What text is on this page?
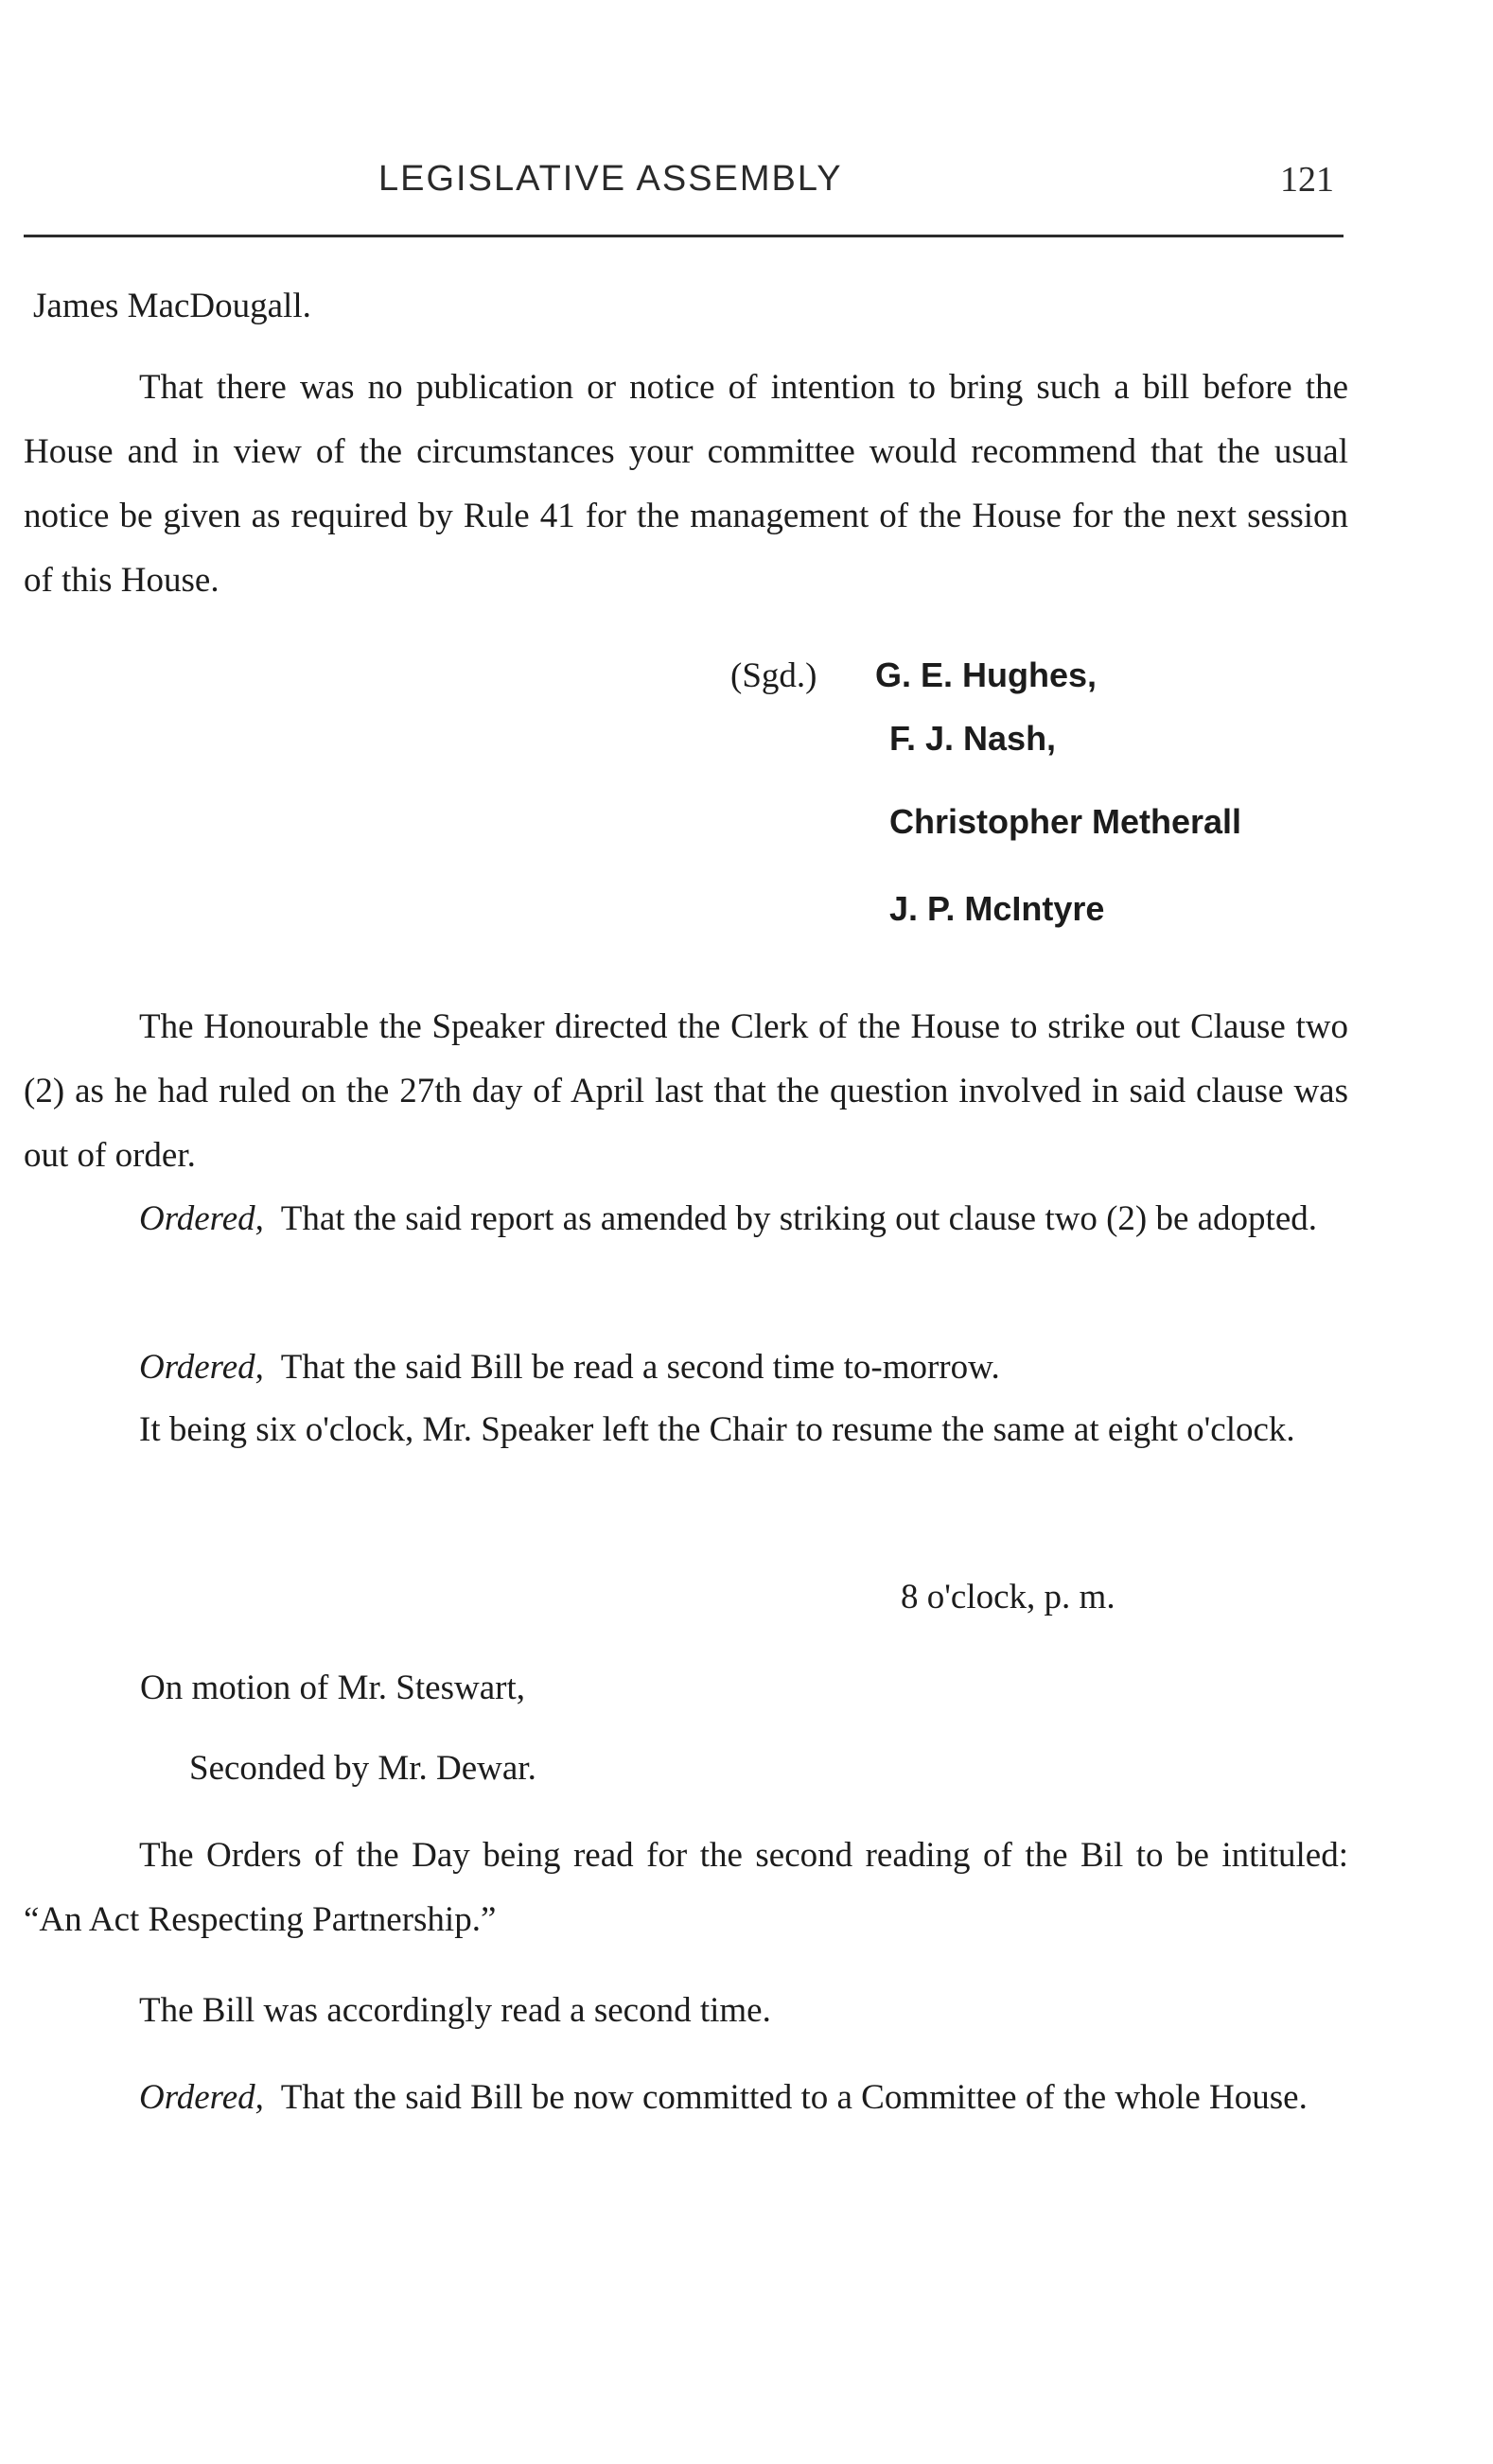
LEGISLATIVE ASSEMBLY	121
James MacDougall.

That there was no publication or notice of intention to bring such a bill before the House and in view of the circumstances your committee would recommend that the usual notice be given as required by Rule 41 for the management of the House for the next session of this House.

(Sgd.) G. E. Hughes,
F. J. Nash,
Christopher Metherall
J. P. McIntyre

The Honourable the Speaker directed the Clerk of the House to strike out Clause two (2) as he had ruled on the 27th day of April last that the question involved in said clause was out of order.

Ordered, That the said report as amended by striking out clause two (2) be adopted.

Ordered, That the said Bill be read a second time to-morrow.

It being six o'clock, Mr. Speaker left the Chair to resume the same at eight o'clock.

8 o'clock, p. m.
On motion of Mr. Steswart,
Seconded by Mr. Dewar.

The Orders of the Day being read for the second reading of the Bil to be intituled: “An Act Respecting Partnership.”

The Bill was accordingly read a second time.

Ordered, That the said Bill be now committed to a Committee of the whole House.
